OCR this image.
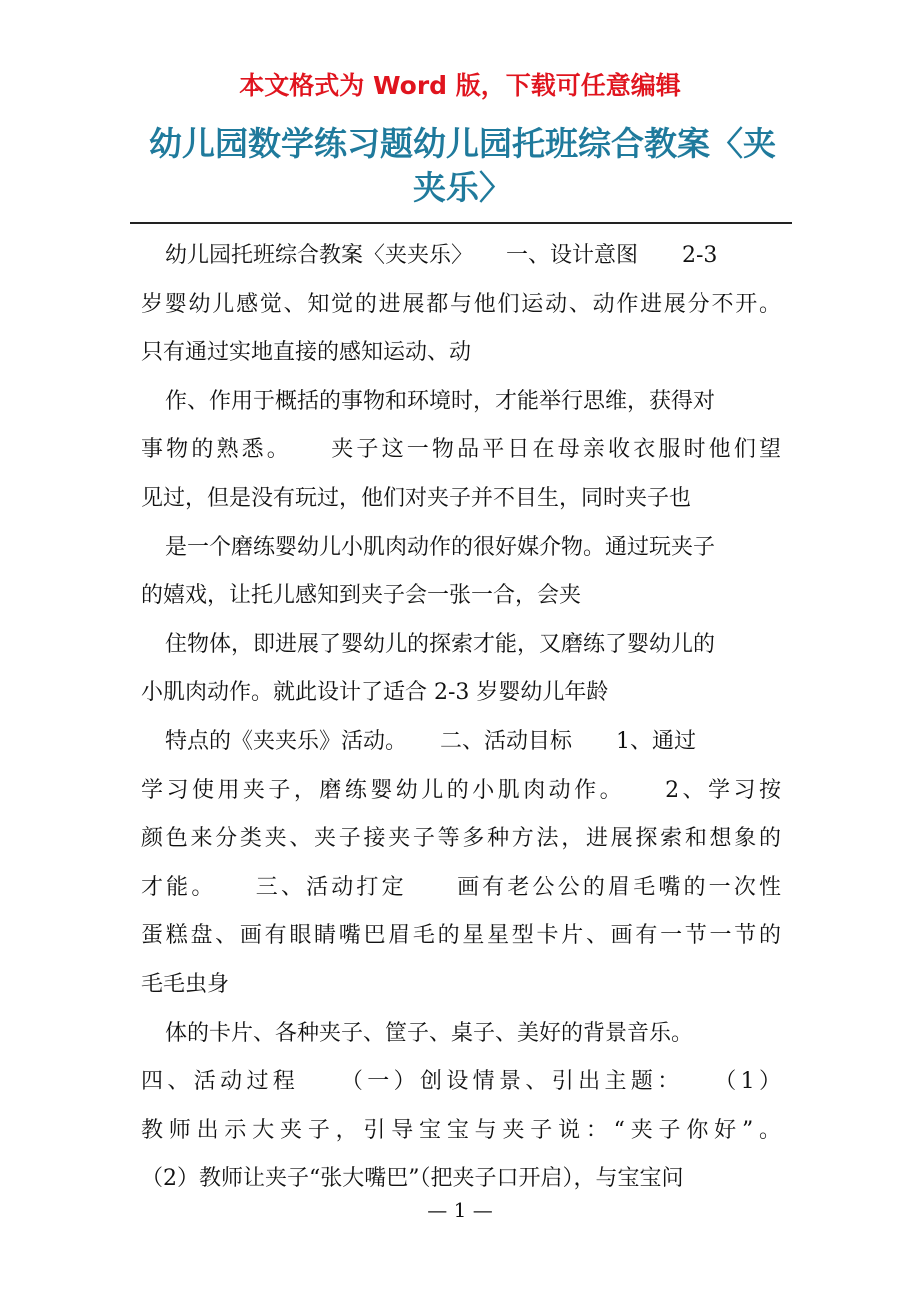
本文格式为 Word 版，下载可任意编辑
幼儿园数学练习题幼儿园托班综合教案〈夹夹乐〉
幼儿园托班综合教案〈夹夹乐〉　　一、设计意图　　2-3
岁婴幼儿感觉、知觉的进展都与他们运动、动作进展分不开。
只有通过实地直接的感知运动、动
作、作用于概括的事物和环境时，才能举行思维，获得对
事物的熟悉。　　夹子这一物品平日在母亲收衣服时他们望
见过，但是没有玩过，他们对夹子并不目生，同时夹子也
是一个磨练婴幼儿小肌肉动作的很好媒介物。通过玩夹子
的嬉戏，让托儿感知到夹子会一张一合，会夹
住物体，即进展了婴幼儿的探索才能，又磨练了婴幼儿的
小肌肉动作。就此设计了适合 2-3 岁婴幼儿年龄
特点的《夹夹乐》活动。　　二、活动目标　　1、通过
学习使用夹子，磨练婴幼儿的小肌肉动作。　　2、学习按
颜色来分类夹、夹子接夹子等多种方法，进展探索和想象的
才能。　　三、活动打定　　画有老公公的眉毛嘴的一次性
蛋糕盘、画有眼睛嘴巴眉毛的星星型卡片、画有一节一节的
毛毛虫身
体的卡片、各种夹子、筐子、桌子、美好的背景音乐。
四、活动过程　　（一）创设情景、引出主题：　　（1）
教师出示大夹子，引导宝宝与夹子说：“夹子你好”。
（2）教师让夹子“张大嘴巴”（把夹子口开启），与宝宝问
— 1 —
